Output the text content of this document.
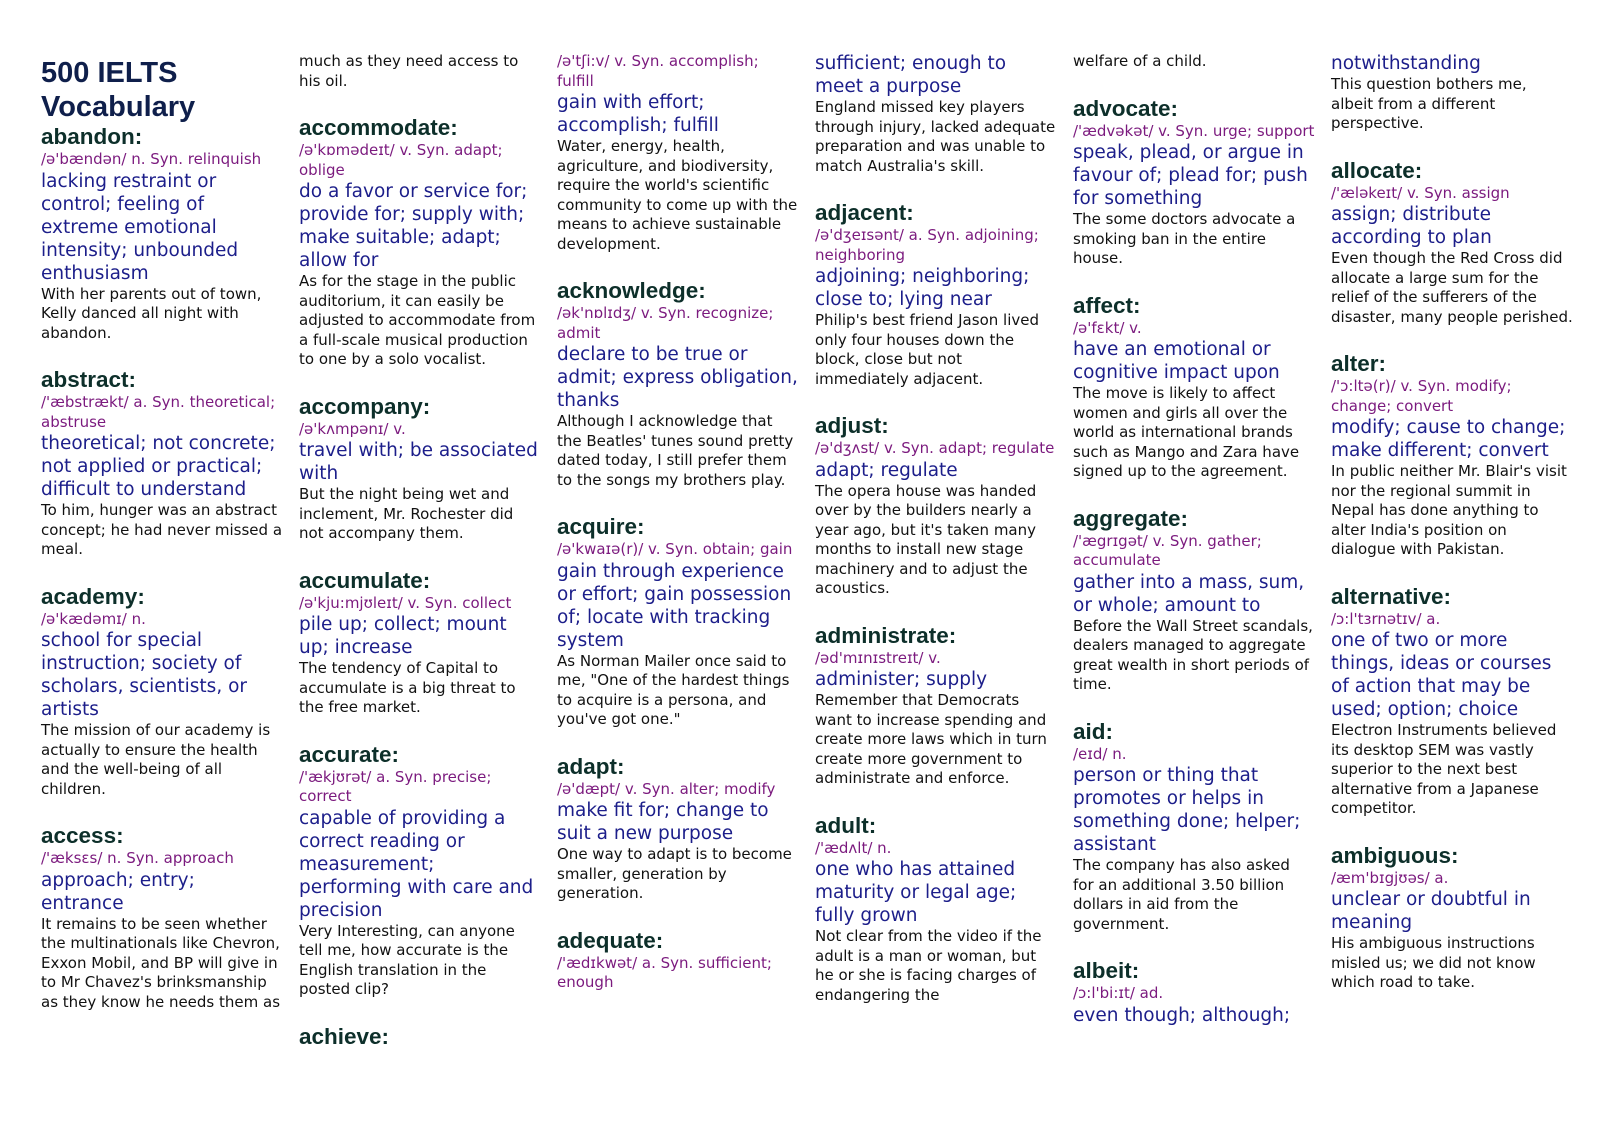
500 IELTS Vocabulary

abandon:

/ə'bændən/ n. Syn. relinquish

lacking restraint or control; feeling of extreme emotional intensity; unbounded enthusiasm

With her parents out of town, Kelly danced all night with abandon.

abstract:

/'æbstrækt/ a. Syn. theoretical; abstruse

theoretical; not concrete; not applied or practical; difficult to understand

To him, hunger was an abstract concept; he had never missed a meal.

academy:

/ə'kædəmɪ/ n.

school for special instruction; society of scholars, scientists, or artists

The mission of our academy is actually to ensure the health and the well-being of all children.

access:

/'æksɛs/ n. Syn. approach

approach; entry; entrance

It remains to be seen whether the multinationals like Chevron, Exxon Mobil, and BP will give in to Mr Chavez's brinksmanship as they know he needs them as

much as they need access to his oil.

accommodate:

/ə'kɒmədeɪt/ v. Syn. adapt; oblige

do a favor or service for; provide for; supply with; make suitable; adapt; allow for

As for the stage in the public auditorium, it can easily be adjusted to accommodate from a full-scale musical production to one by a solo vocalist.

accompany:

/ə'kʌmpənɪ/ v.

travel with; be associated with

But the night being wet and inclement, Mr. Rochester did not accompany them.

accumulate:

/ə'kju:mjʊleɪt/ v. Syn. collect

pile up; collect; mount up; increase

The tendency of Capital to accumulate is a big threat to the free market.

accurate:

/'ækjʊrət/ a. Syn. precise; correct

capable of providing a correct reading or measurement; performing with care and precision

Very Interesting, can anyone tell me, how accurate is the English translation in the posted clip?

achieve:

/ə'tʃi:v/ v. Syn. accomplish; fulfill

gain with effort; accomplish; fulfill

Water, energy, health, agriculture, and biodiversity, require the world's scientific community to come up with the means to achieve sustainable development.

acknowledge:

/ək'nɒlɪdʒ/ v. Syn. recognize; admit

declare to be true or admit; express obligation, thanks

Although I acknowledge that the Beatles' tunes sound pretty dated today, I still prefer them to the songs my brothers play.

acquire:

/ə'kwaɪə(r)/ v. Syn. obtain; gain

gain through experience or effort; gain possession of; locate with tracking system

As Norman Mailer once said to me, "One of the hardest things to acquire is a persona, and you've got one."

adapt:

/ə'dæpt/ v. Syn. alter; modify

make fit for; change to suit a new purpose

One way to adapt is to become smaller, generation by generation.

adequate:

/'ædɪkwət/ a. Syn. sufficient; enough

sufficient; enough to meet a purpose

England missed key players through injury, lacked adequate preparation and was unable to match Australia's skill.

adjacent:

/ə'dʒeɪsənt/ a. Syn. adjoining; neighboring

adjoining; neighboring; close to; lying near

Philip's best friend Jason lived only four houses down the block, close but not immediately adjacent.

adjust:

/ə'dʒʌst/ v. Syn. adapt; regulate

adapt; regulate

The opera house was handed over by the builders nearly a year ago, but it's taken many months to install new stage machinery and to adjust the acoustics.

administrate:

/əd'mɪnɪstreɪt/ v.

administer; supply

Remember that Democrats want to increase spending and create more laws which in turn create more government to administrate and enforce.

adult:

/'ædʌlt/ n.

one who has attained maturity or legal age; fully grown

Not clear from the video if the adult is a man or woman, but he or she is facing charges of endangering the

welfare of a child.

advocate:

/'ædvəkət/ v. Syn. urge; support

speak, plead, or argue in favour of; plead for; push for something

The some doctors advocate a smoking ban in the entire house.

affect:

/ə'fɛkt/ v.

have an emotional or cognitive impact upon

The move is likely to affect women and girls all over the world as international brands such as Mango and Zara have signed up to the agreement.

aggregate:

/'ægrɪgət/ v. Syn. gather; accumulate

gather into a mass, sum, or whole; amount to

Before the Wall Street scandals, dealers managed to aggregate great wealth in short periods of time.

aid:

/eɪd/ n.

person or thing that promotes or helps in something done; helper; assistant

The company has also asked for an additional 3.50 billion dollars in aid from the government.

albeit:

/ɔ:l'bi:ɪt/ ad.

even though; although;

notwithstanding

This question bothers me, albeit from a different perspective.

allocate:

/'æləkeɪt/ v. Syn. assign

assign; distribute according to plan

Even though the Red Cross did allocate a large sum for the relief of the sufferers of the disaster, many people perished.

alter:

/'ɔ:ltə(r)/ v. Syn. modify; change; convert

modify; cause to change; make different; convert

In public neither Mr. Blair's visit nor the regional summit in Nepal has done anything to alter India's position on dialogue with Pakistan.

alternative:

/ɔ:l'tɜrnətɪv/ a.

one of two or more things, ideas or courses of action that may be used; option; choice

Electron Instruments believed its desktop SEM was vastly superior to the next best alternative from a Japanese competitor.

ambiguous:

/æm'bɪgjʊəs/ a.

unclear or doubtful in meaning

His ambiguous instructions misled us; we did not know which road to take.
